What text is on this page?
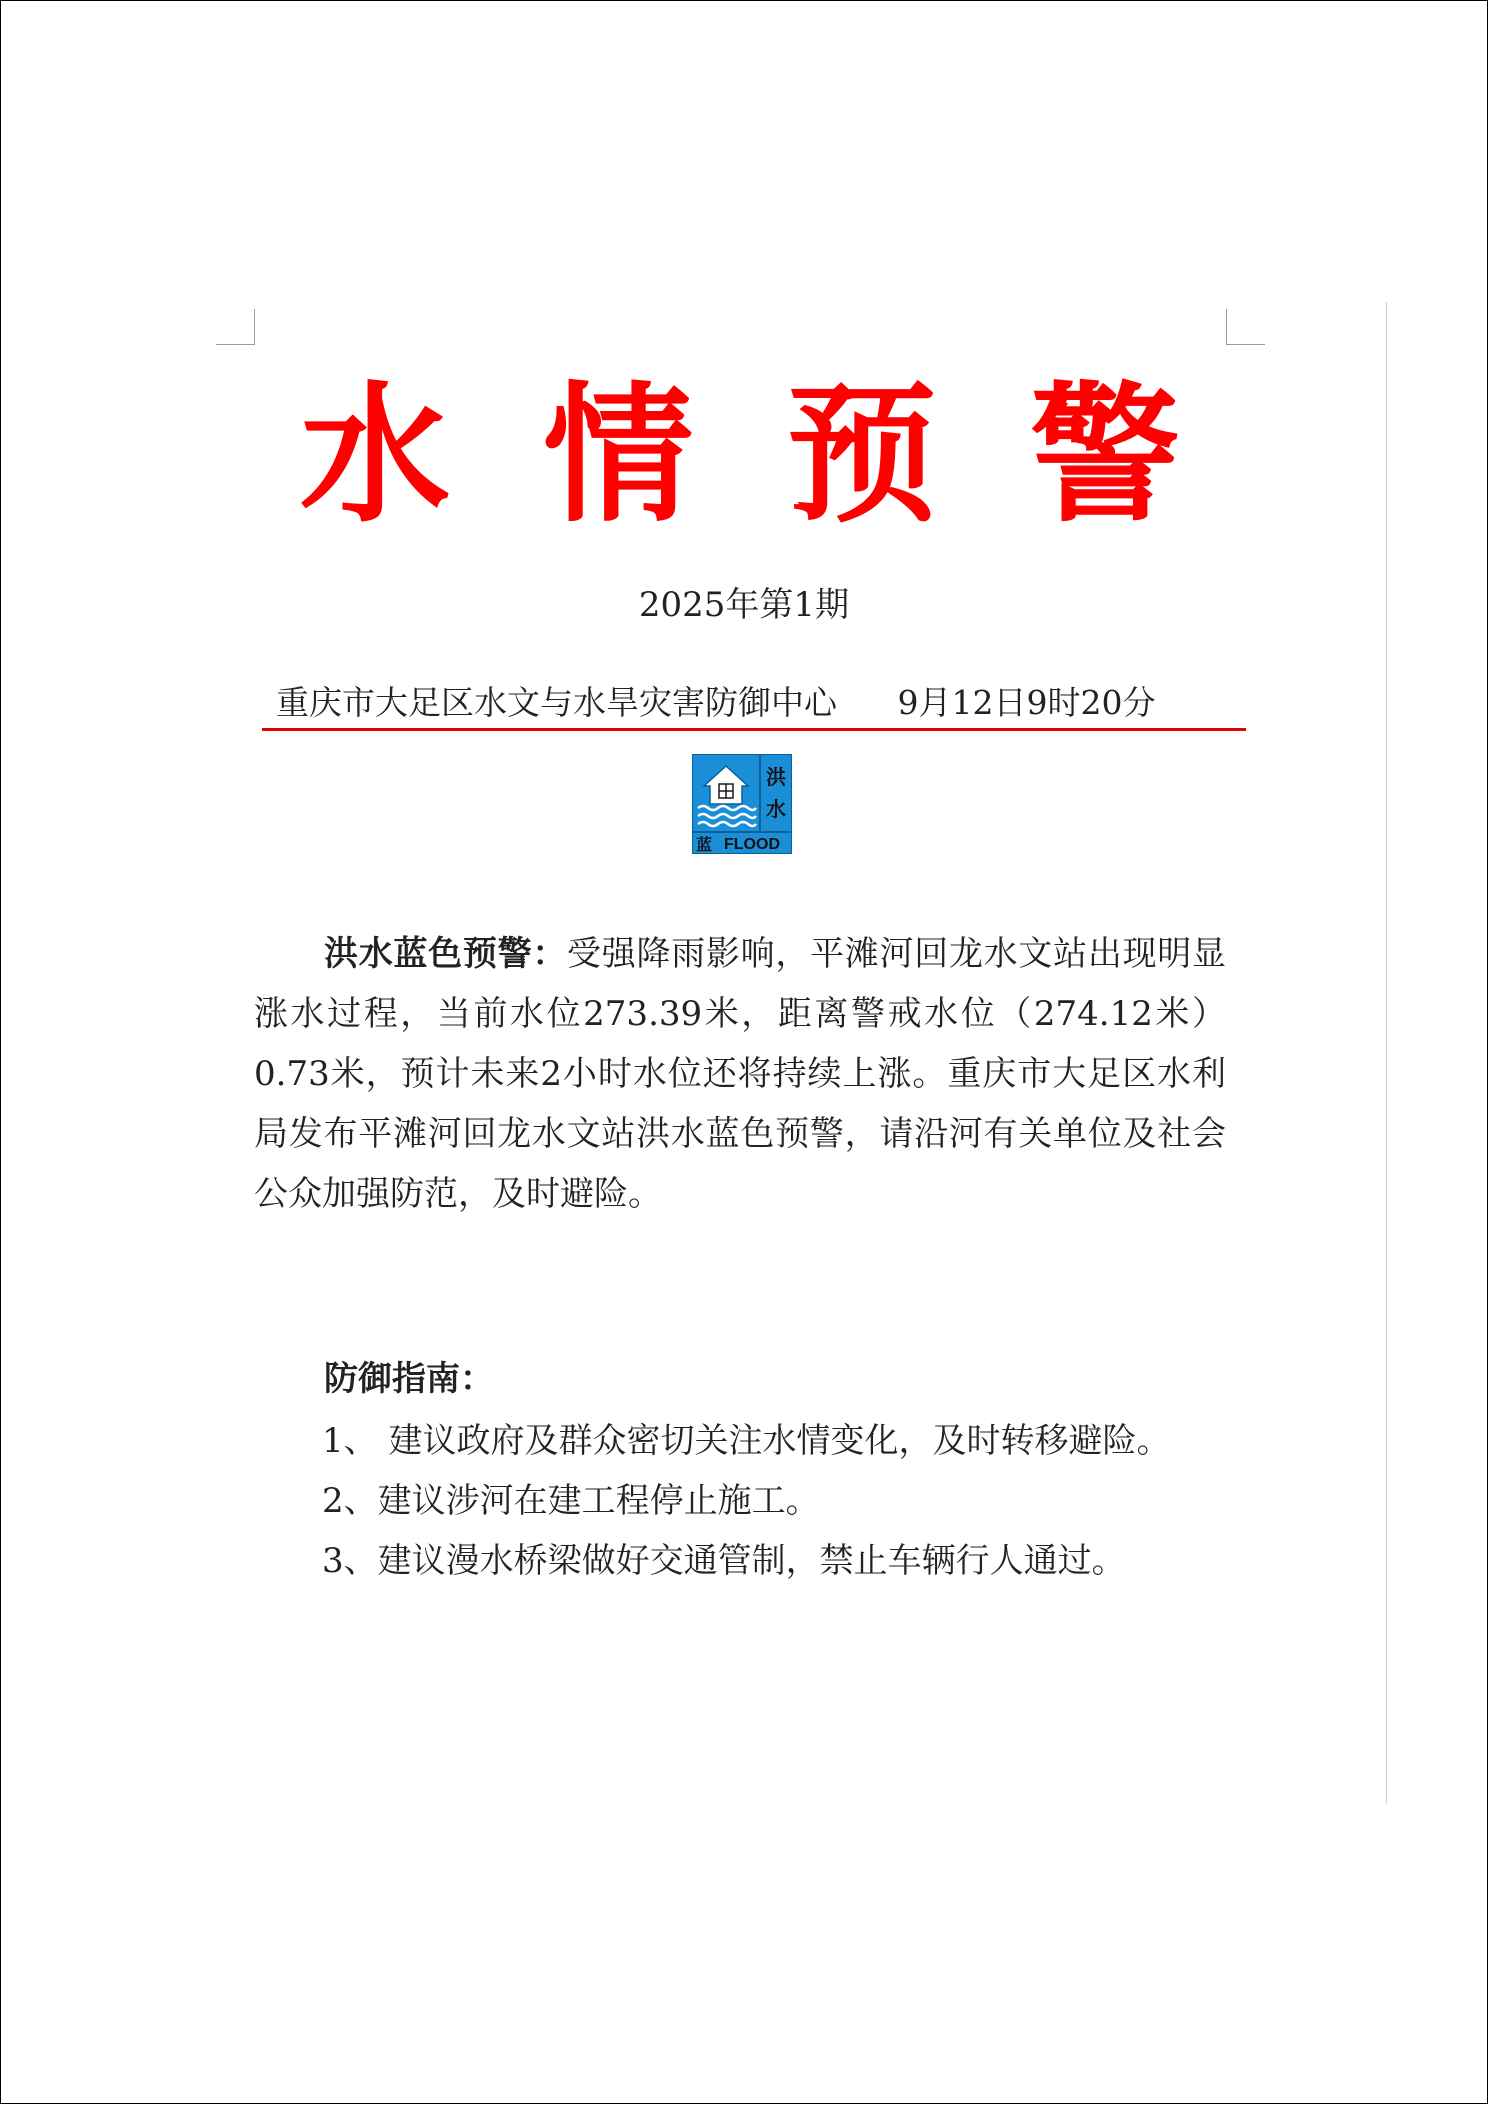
水 情 预 警
2025年第1期
重庆市大足区水文与水旱灾害防御中心 9月12日9时20分
洪
水
蓝 FLOOD
洪水蓝色预警：受强降雨影响，平滩河回龙水文站出现明显涨水过程，当前水位273.39米，距离警戒水位（274.12米）0.73米，预计未来2小时水位还将持续上涨。重庆市大足区水利局发布平滩河回龙水文站洪水蓝色预警，请沿河有关单位及社会公众加强防范，及时避险。
防御指南：
1、 建议政府及群众密切关注水情变化，及时转移避险。
2、建议涉河在建工程停止施工。
3、建议漫水桥梁做好交通管制，禁止车辆行人通过。
